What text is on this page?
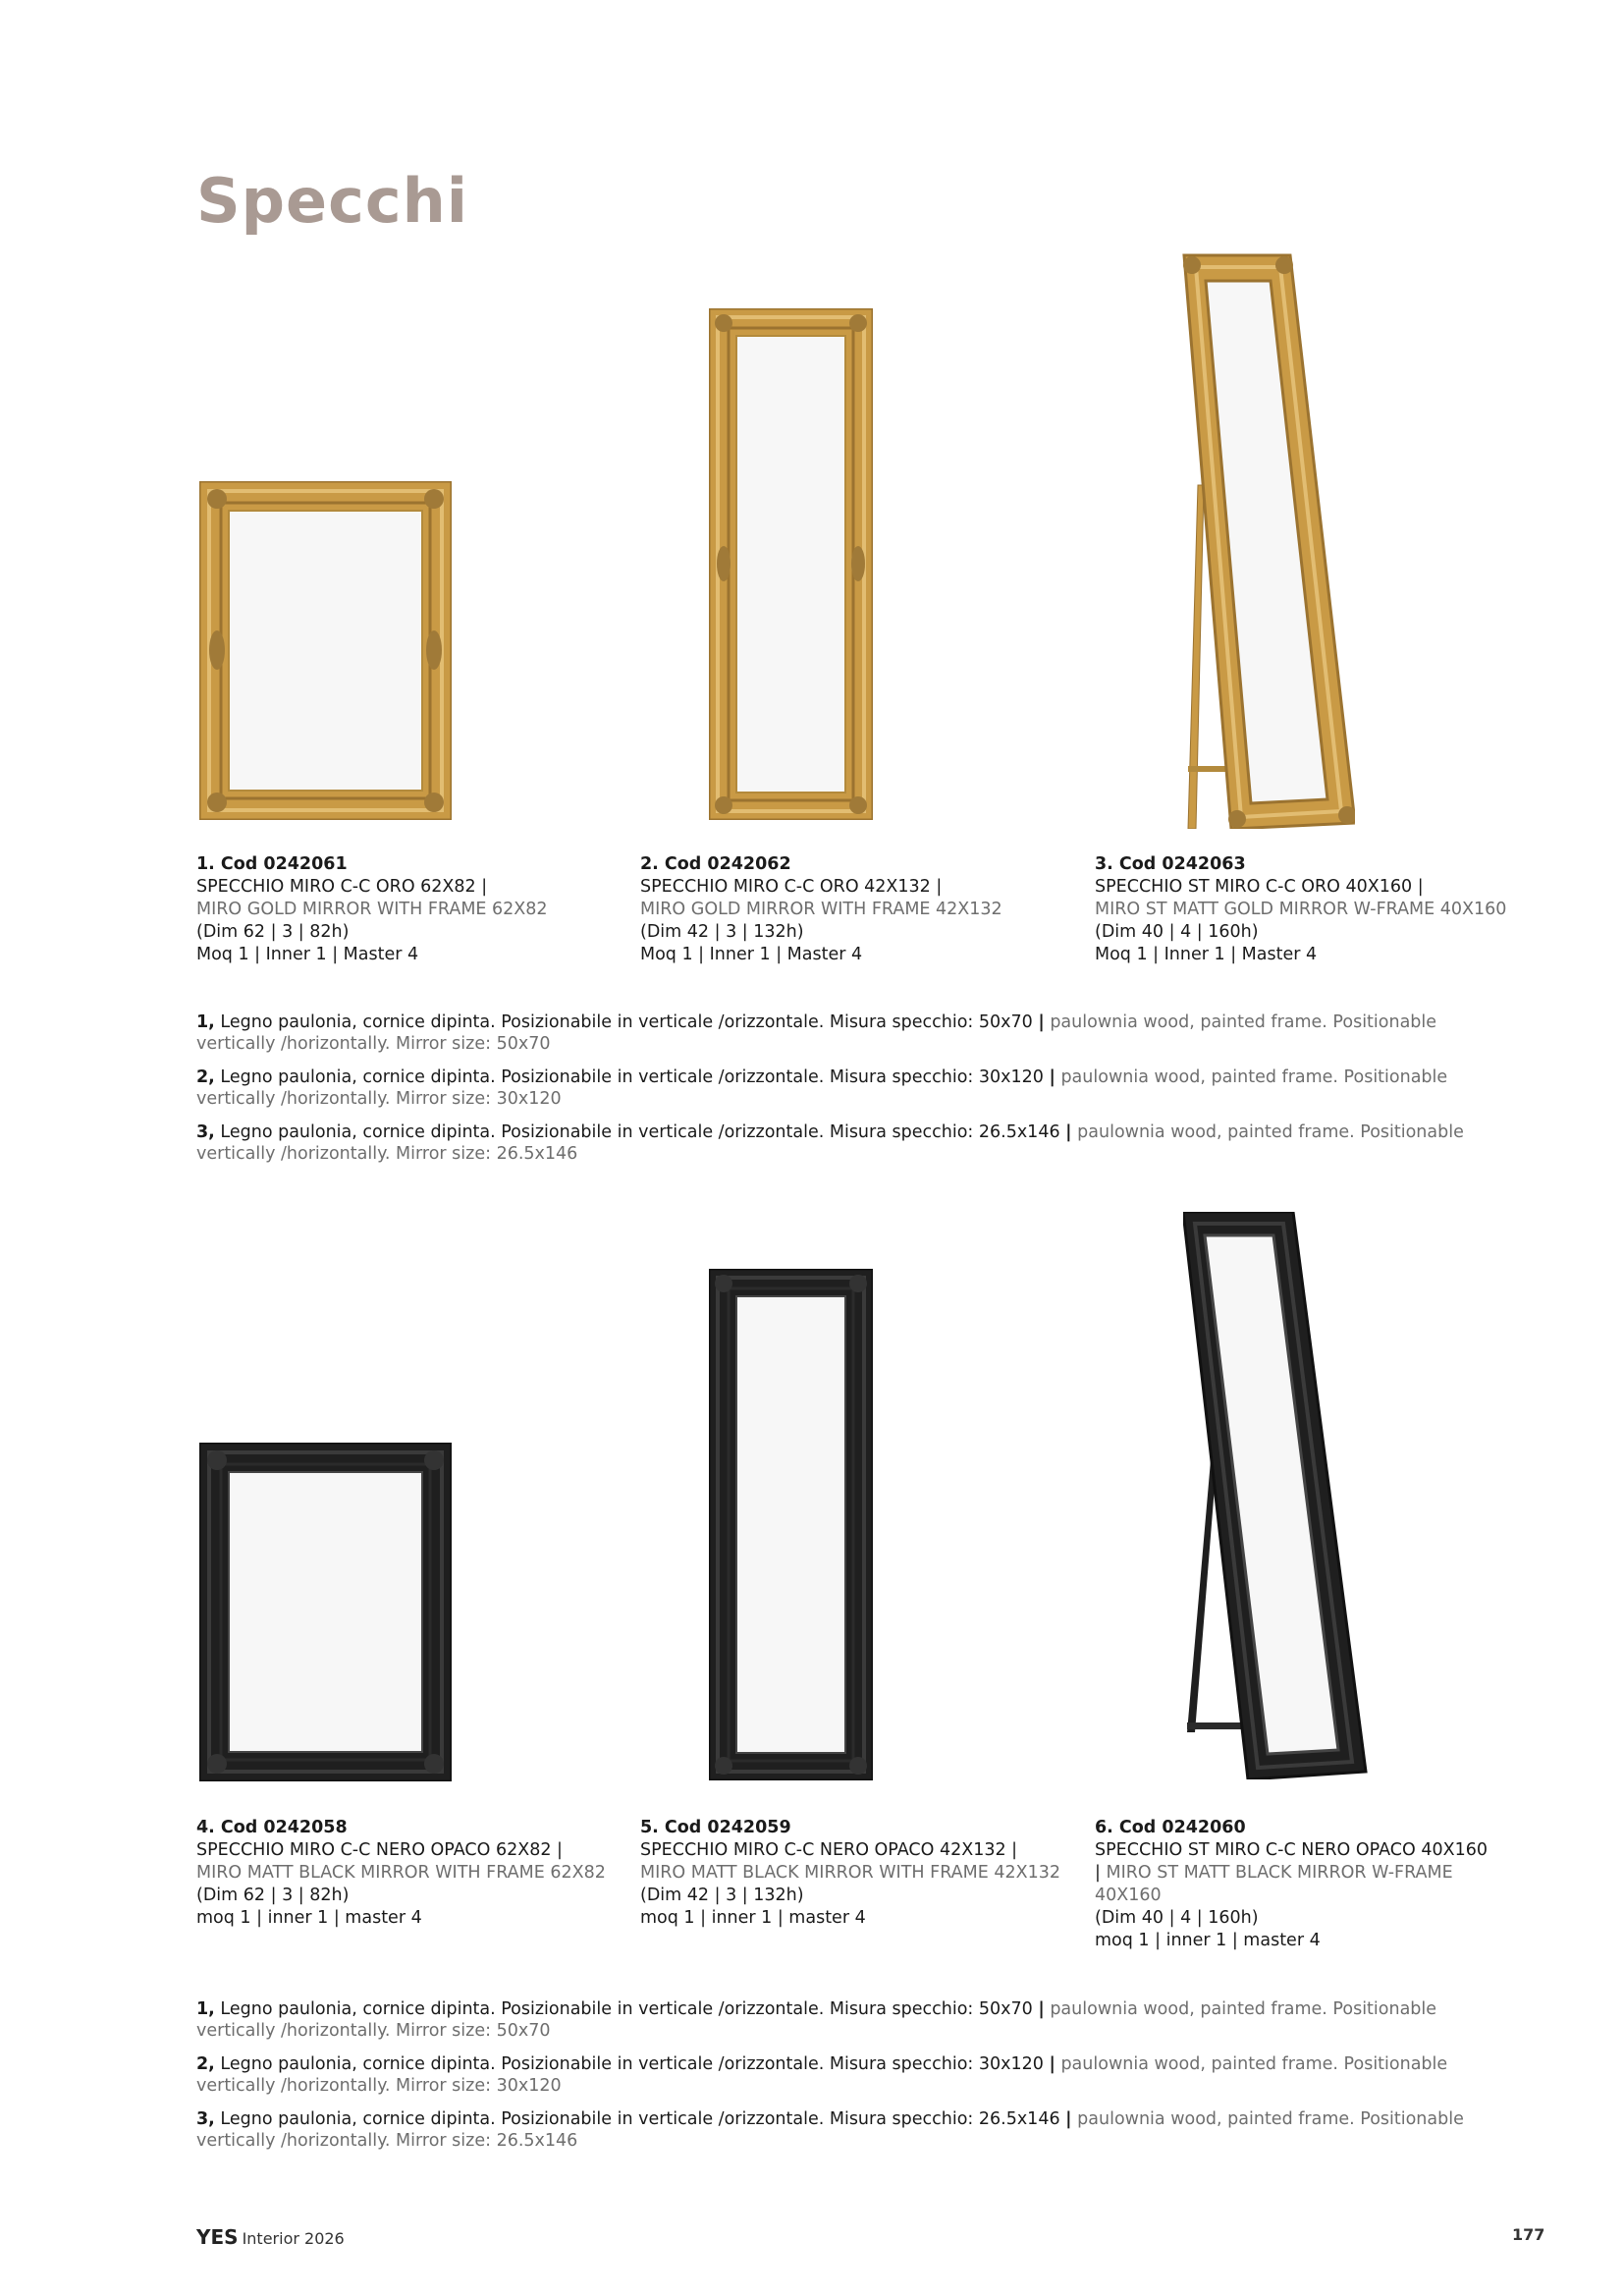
Specchi
1. Cod 0242061
SPECCHIO MIRO C-C ORO 62X82 |
MIRO GOLD MIRROR WITH FRAME 62X82
(Dim 62 | 3 | 82h)
Moq 1 | Inner 1 | Master 4
2. Cod 0242062
SPECCHIO MIRO C-C ORO 42X132 |
MIRO GOLD MIRROR WITH FRAME 42X132
(Dim 42 | 3 | 132h)
Moq 1 | Inner 1 | Master 4
3. Cod 0242063
SPECCHIO ST MIRO C-C ORO 40X160 |
MIRO ST MATT GOLD MIRROR W-FRAME 40X160
(Dim 40 | 4 | 160h)
Moq 1 | Inner 1 | Master 4

1, Legno paulonia, cornice dipinta. Posizionabile in verticale /orizzontale. Misura specchio: 50x70 | paulownia wood, painted frame. Positionable vertically /horizontally. Mirror size: 50x70

2, Legno paulonia, cornice dipinta. Posizionabile in verticale /orizzontale. Misura specchio: 30x120 | paulownia wood, painted frame. Positionable vertically /horizontally. Mirror size: 30x120

3, Legno paulonia, cornice dipinta. Posizionabile in verticale /orizzontale. Misura specchio: 26.5x146 | paulownia wood, painted frame. Positionable vertically /horizontally. Mirror size: 26.5x146

4. Cod 0242058
SPECCHIO MIRO C-C NERO OPACO 62X82 | MIRO MATT BLACK MIRROR WITH FRAME 62X82
(Dim 62 | 3 | 82h)
moq 1 | inner 1 | master 4
5. Cod 0242059
SPECCHIO MIRO C-C NERO OPACO 42X132 | MIRO MATT BLACK MIRROR WITH FRAME 42X132
(Dim 42 | 3 | 132h)
moq 1 | inner 1 | master 4
6. Cod 0242060
SPECCHIO ST MIRO C-C NERO OPACO 40X160 | MIRO ST MATT BLACK MIRROR W-FRAME 40X160
(Dim 40 | 4 | 160h)
moq 1 | inner 1 | master 4

1, Legno paulonia, cornice dipinta. Posizionabile in verticale /orizzontale. Misura specchio: 50x70 | paulownia wood, painted frame. Positionable vertically /horizontally. Mirror size: 50x70

2, Legno paulonia, cornice dipinta. Posizionabile in verticale /orizzontale. Misura specchio: 30x120 | paulownia wood, painted frame. Positionable vertically /horizontally. Mirror size: 30x120

3, Legno paulonia, cornice dipinta. Posizionabile in verticale /orizzontale. Misura specchio: 26.5x146 | paulownia wood, painted frame. Positionable vertically /horizontally. Mirror size: 26.5x146

YES Interior 2026	177
